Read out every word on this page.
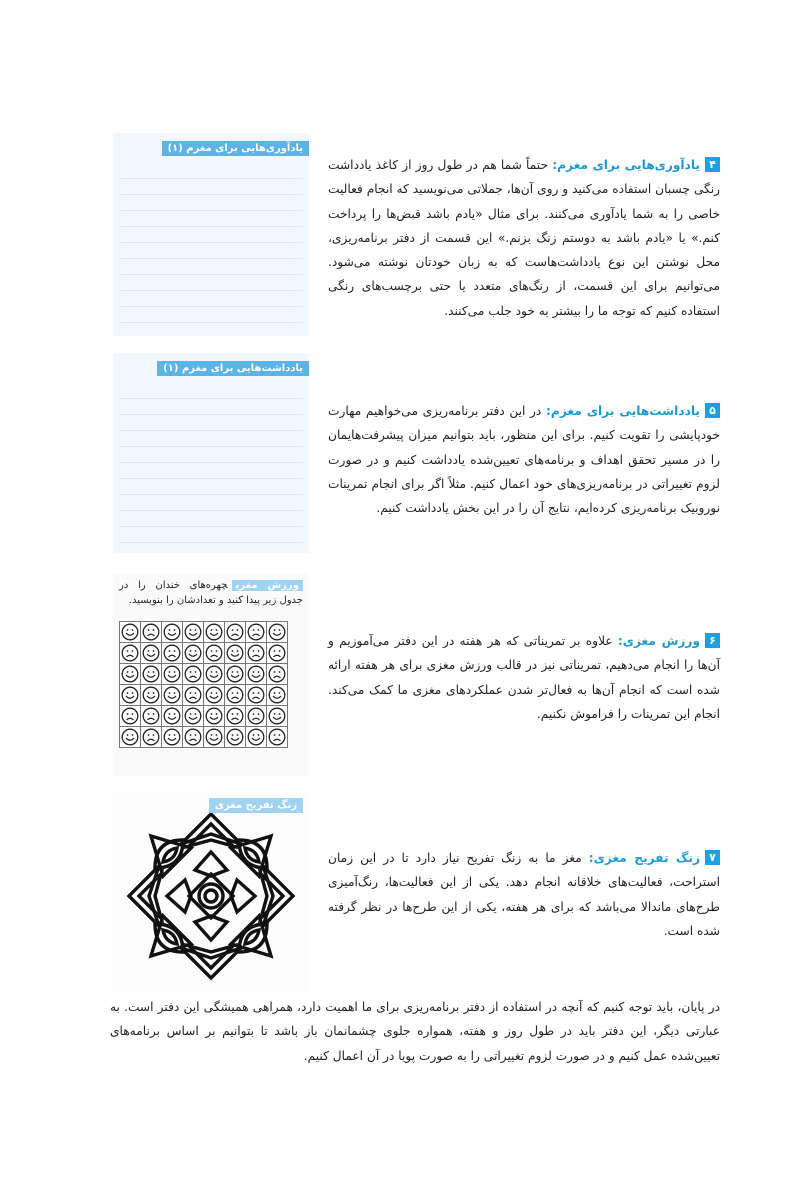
یادآوری‌هایی برای مغزم (۱)
یادداشت‌هایی برای مغزم (۱)
ورزش مغزیچهره‌های خندان را در جدول زیر پیدا کنید و تعدادشان را بنویسید.

زنگ تفریح مغزی
۴یادآوری‌هایی برای مغزم: حتماً شما هم در طول روز از کاغذ یادداشت رنگی چسبان استفاده می‌کنید و روی آن‌ها، جملاتی می‌نویسید که انجام فعالیت خاصی را به شما یادآوری می‌کنند. برای مثال «یادم باشد قبض‌ها را پرداخت کنم.» یا «یادم باشد به دوستم زنگ بزنم.» این قسمت از دفتر برنامه‌ریزی، محل نوشتن این نوع یادداشت‌هاست که به زبان خودتان نوشته می‌شود. می‌توانیم برای این قسمت، از رنگ‌های متعدد یا حتی برچسب‌های رنگی استفاده کنیم که توجه ما را بیشتر به خود جلب می‌کنند.
۵یادداشت‌هایی برای مغزم: در این دفتر برنامه‌ریزی می‌خواهیم مهارت خودپایشی را تقویت کنیم. برای این منظور، باید بتوانیم میزان پیشرفت‌هایمان را در مسیر تحقق اهداف و برنامه‌های تعیین‌شده یادداشت کنیم و در صورت لزوم تغییراتی در برنامه‌ریزی‌های خود اعمال کنیم. مثلاً اگر برای انجام تمرینات نوروبیک برنامه‌ریزی کرده‌ایم، نتایج آن را در این بخش یادداشت کنیم.
۶ورزش مغزی: علاوه بر تمریناتی که هر هفته در این دفتر می‌آموزیم و آن‌ها را انجام می‌دهیم، تمریناتی نیز در قالب ورزش مغزی برای هر هفته ارائه شده است که انجام آن‌ها به فعال‌تر شدن عملکردهای مغزی ما کمک می‌کند. انجام این تمرینات را فراموش نکنیم.
۷زنگ تفریح مغزی: مغز ما به زنگ تفریح نیاز دارد تا در این زمان استراحت، فعالیت‌های خلاقانه انجام دهد. یکی از این فعالیت‌ها، رنگ‌آمیزی طرح‌های ماندالا می‌باشد که برای هر هفته، یکی از این طرح‌ها در نظر گرفته شده است.
در پایان، باید توجه کنیم که آنچه در استفاده از دفتر برنامه‌ریزی برای ما اهمیت دارد، همراهی همیشگی این دفتر است. به عبارتی دیگر، این دفتر باید در طول روز و هفته، همواره جلوی چشمانمان باز باشد تا بتوانیم بر اساس برنامه‌های تعیین‌شده عمل کنیم و در صورت لزوم تغییراتی را به صورت پویا در آن اعمال کنیم.
